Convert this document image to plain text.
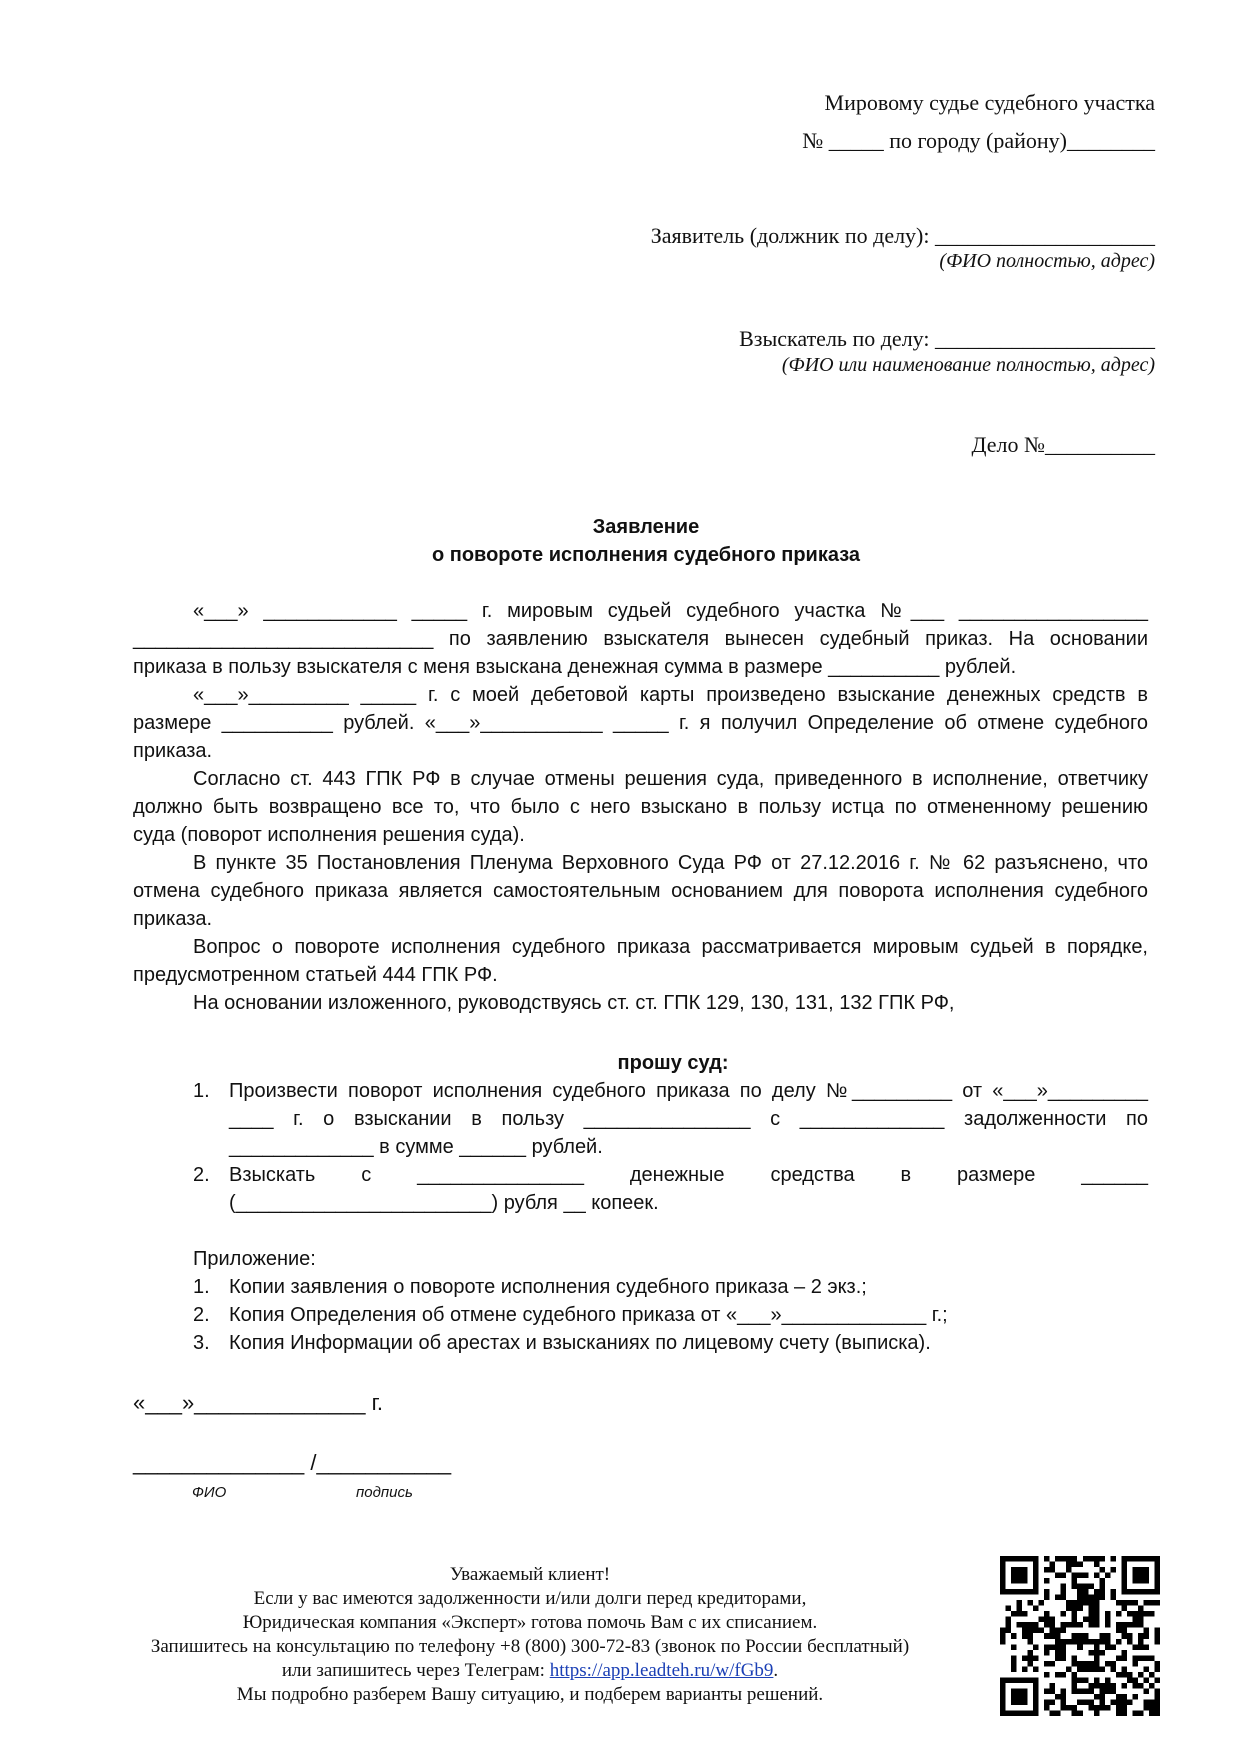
Мировому судье судебного участка
№ _____ по городу (району)________
Заявитель (должник по делу): ____________________
(ФИО полностью, адрес)
Взыскатель по делу: ____________________
(ФИО или наименование полностью, адрес)
Дело №__________
Заявление
о повороте исполнения судебного приказа
«___» ____________ _____ г. мировым судьей судебного участка №___ _________________
___________________________ по заявлению взыскателя вынесен судебный приказ. На основании
приказа в пользу взыскателя с меня взыскана денежная сумма в размере __________ рублей.
«___»_________ _____ г. с моей дебетовой карты произведено взыскание денежных средств в
размере __________ рублей. «___»___________ _____ г. я получил Определение об отмене судебного
приказа.
Согласно ст. 443 ГПК РФ в случае отмены решения суда, приведенного в исполнение, ответчику
должно быть возвращено все то, что было с него взыскано в пользу истца по отмененному решению
суда (поворот исполнения решения суда).
В пункте 35 Постановления Пленума Верховного Суда РФ от 27.12.2016 г. № 62 разъяснено, что
отмена судебного приказа является самостоятельным основанием для поворота исполнения судебного
приказа.
Вопрос о повороте исполнения судебного приказа рассматривается мировым судьей в порядке,
предусмотренном статьей 444 ГПК РФ.
На основании изложенного, руководствуясь ст. ст. ГПК 129, 130, 131, 132 ГПК РФ,
прошу суд:
1. Произвести поворот исполнения судебного приказа по делу №_________ от «___»_________
____ г. о взыскании в пользу _______________ с _____________ задолженности по
_____________ в сумме ______ рублей.
2. Взыскать с _______________ денежные средства в размере ______
(_______________________) рубля __ копеек.
Приложение:
1. Копии заявления о повороте исполнения судебного приказа – 2 экз.;
2. Копия Определения об отмене судебного приказа от «___»_____________ г.;
3. Копия Информации об арестах и взысканиях по лицевому счету (выписка).
«___»______________ г.
______________ /___________
ФИО	подпись
Уважаемый клиент!
Если у вас имеются задолженности и/или долги перед кредиторами,
Юридическая компания «Эксперт» готова помочь Вам с их списанием.
Запишитесь на консультацию по телефону +8 (800) 300-72-83 (звонок по России бесплатный)
или запишитесь через Телеграм: https://app.leadteh.ru/w/fGb9.
Мы подробно разберем Вашу ситуацию, и подберем варианты решений.
